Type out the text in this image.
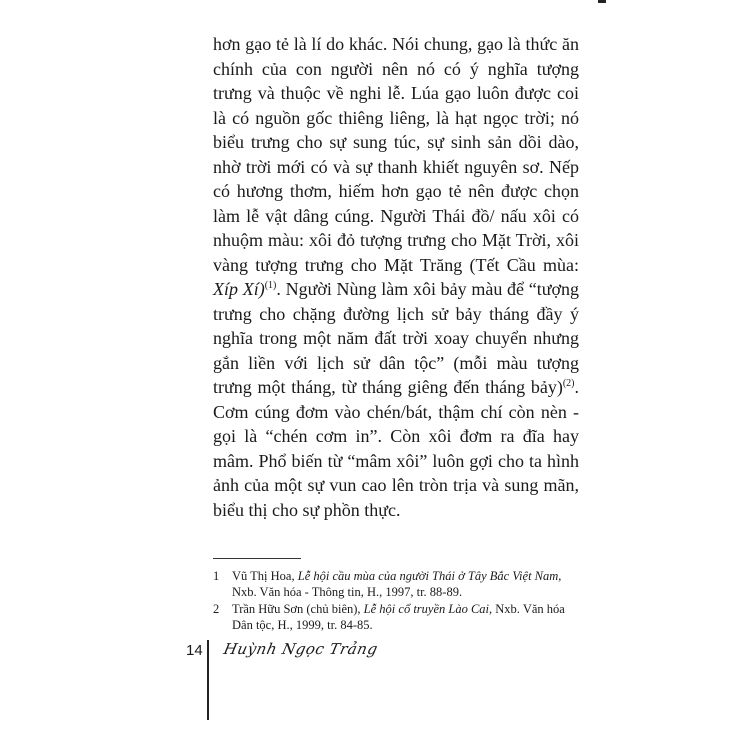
hơn gạo tẻ là lí do khác. Nói chung, gạo là thức ăn chính của con người nên nó có ý nghĩa tượng trưng và thuộc về nghi lễ. Lúa gạo luôn được coi là có nguồn gốc thiêng liêng, là hạt ngọc trời; nó biểu trưng cho sự sung túc, sự sinh sản dồi dào, nhờ trời mới có và sự thanh khiết nguyên sơ. Nếp có hương thơm, hiếm hơn gạo tẻ nên được chọn làm lễ vật dâng cúng. Người Thái đồ/ nấu xôi có nhuộm màu: xôi đỏ tượng trưng cho Mặt Trời, xôi vàng tượng trưng cho Mặt Trăng (Tết Cầu mùa: Xíp Xí)$^{(1)}$. Người Nùng làm xôi bảy màu để “tượng trưng cho chặng đường lịch sử bảy tháng đầy ý nghĩa trong một năm đất trời xoay chuyển nhưng gắn liền với lịch sử dân tộc” (mỗi màu tượng trưng một tháng, từ tháng giêng đến tháng bảy)$^{(2)}$. Cơm cúng đơm vào chén/bát, thậm chí còn nèn - gọi là “chén cơm in”. Còn xôi đơm ra đĩa hay mâm. Phổ biến từ “mâm xôi” luôn gợi cho ta hình ảnh của một sự vun cao lên tròn trịa và sung mãn, biểu thị cho sự phồn thực.

1	Vũ Thị Hoa, Lễ hội cầu mùa của người Thái ở Tây Bắc Việt Nam, Nxb. Văn hóa - Thông tin, H., 1997, tr. 88-89.
2	Trần Hữu Sơn (chủ biên), Lễ hội cổ truyền Lào Cai, Nxb. Văn hóa Dân tộc, H., 1999, tr. 84-85.
14 Huỳnh Ngọc Trảng
